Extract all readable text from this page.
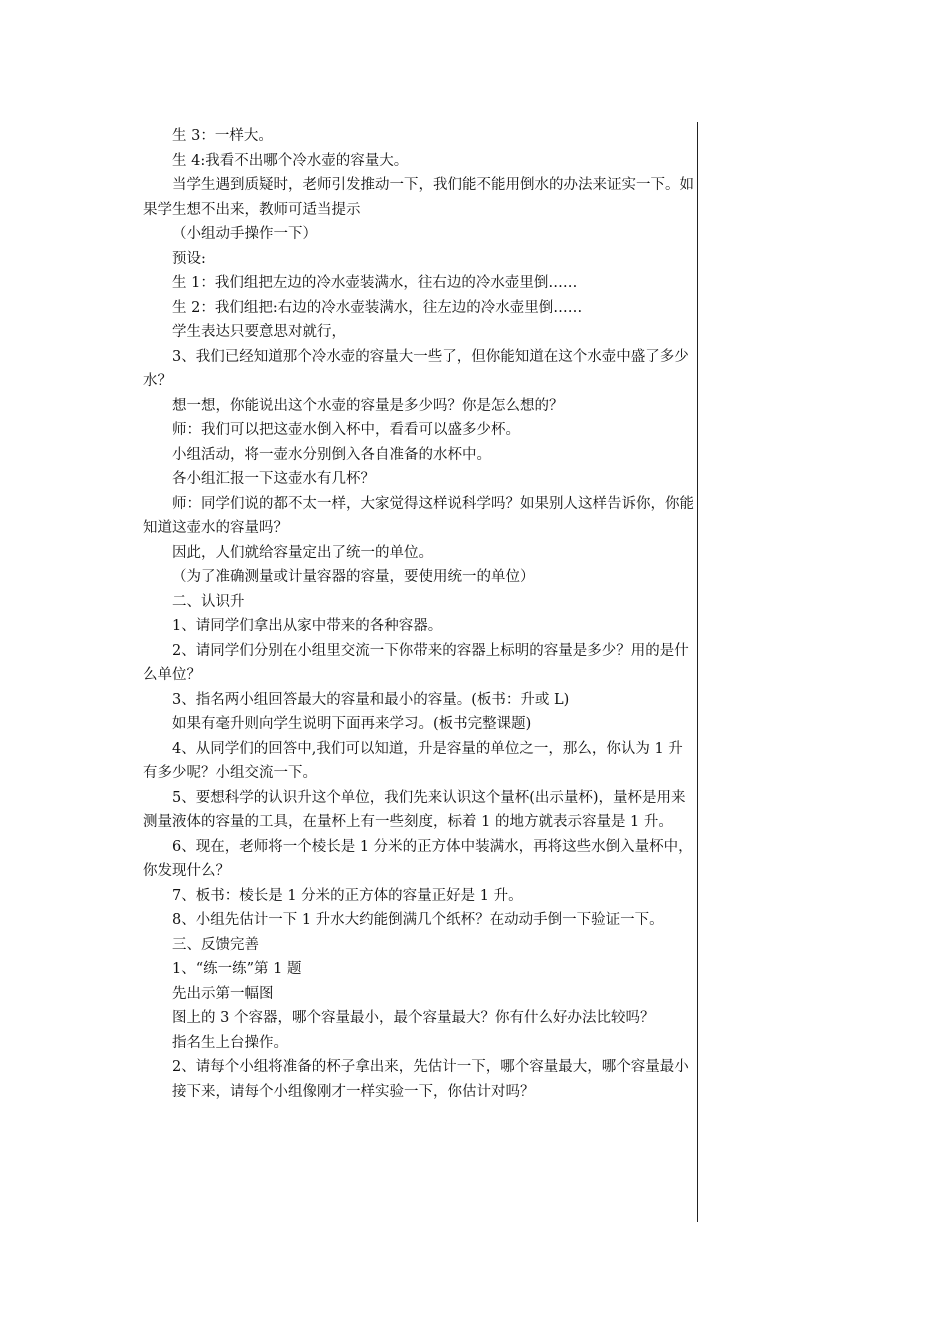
生 3：一样大。

生 4:我看不出哪个冷水壶的容量大。

当学生遇到质疑时，老师引发推动一下，我们能不能用倒水的办法来证实一下。如果学生想不出来，教师可适当提示

（小组动手操作一下）

预设:

生 1：我们组把左边的冷水壶装满水，往右边的冷水壶里倒……

生 2：我们组把:右边的冷水壶装满水，往左边的冷水壶里倒……

学生表达只要意思对就行，

3、我们已经知道那个冷水壶的容量大一些了，但你能知道在这个水壶中盛了多少水？

想一想，你能说出这个水壶的容量是多少吗？你是怎么想的？

师：我们可以把这壶水倒入杯中，看看可以盛多少杯。

小组活动，将一壶水分别倒入各自准备的水杯中。

各小组汇报一下这壶水有几杯？

师：同学们说的都不太一样，大家觉得这样说科学吗？如果别人这样告诉你，你能知道这壶水的容量吗？

因此，人们就给容量定出了统一的单位。

（为了准确测量或计量容器的容量，要使用统一的单位）

二、认识升

1、请同学们拿出从家中带来的各种容器。

2、请同学们分别在小组里交流一下你带来的容器上标明的容量是多少？用的是什么单位？

3、指名两小组回答最大的容量和最小的容量。(板书：升或 L)

如果有毫升则向学生说明下面再来学习。(板书完整课题)

4、从同学们的回答中,我们可以知道，升是容量的单位之一，那么，你认为 1 升有多少呢？小组交流一下。

5、要想科学的认识升这个单位，我们先来认识这个量杯(出示量杯)，量杯是用来测量液体的容量的工具，在量杯上有一些刻度，标着 1 的地方就表示容量是 1 升。

6、现在，老师将一个棱长是 1 分米的正方体中装满水，再将这些水倒入量杯中，你发现什么？

7、板书：棱长是 1 分米的正方体的容量正好是 1 升。

8、小组先估计一下 1 升水大约能倒满几个纸杯？在动动手倒一下验证一下。

三、反馈完善

1、“练一练”第 1 题

先出示第一幅图

图上的 3 个容器，哪个容量最小，最个容量最大？你有什么好办法比较吗？

指名生上台操作。

2、请每个小组将准备的杯子拿出来，先估计一下，哪个容量最大，哪个容量最小

接下来，请每个小组像刚才一样实验一下，你估计对吗？
